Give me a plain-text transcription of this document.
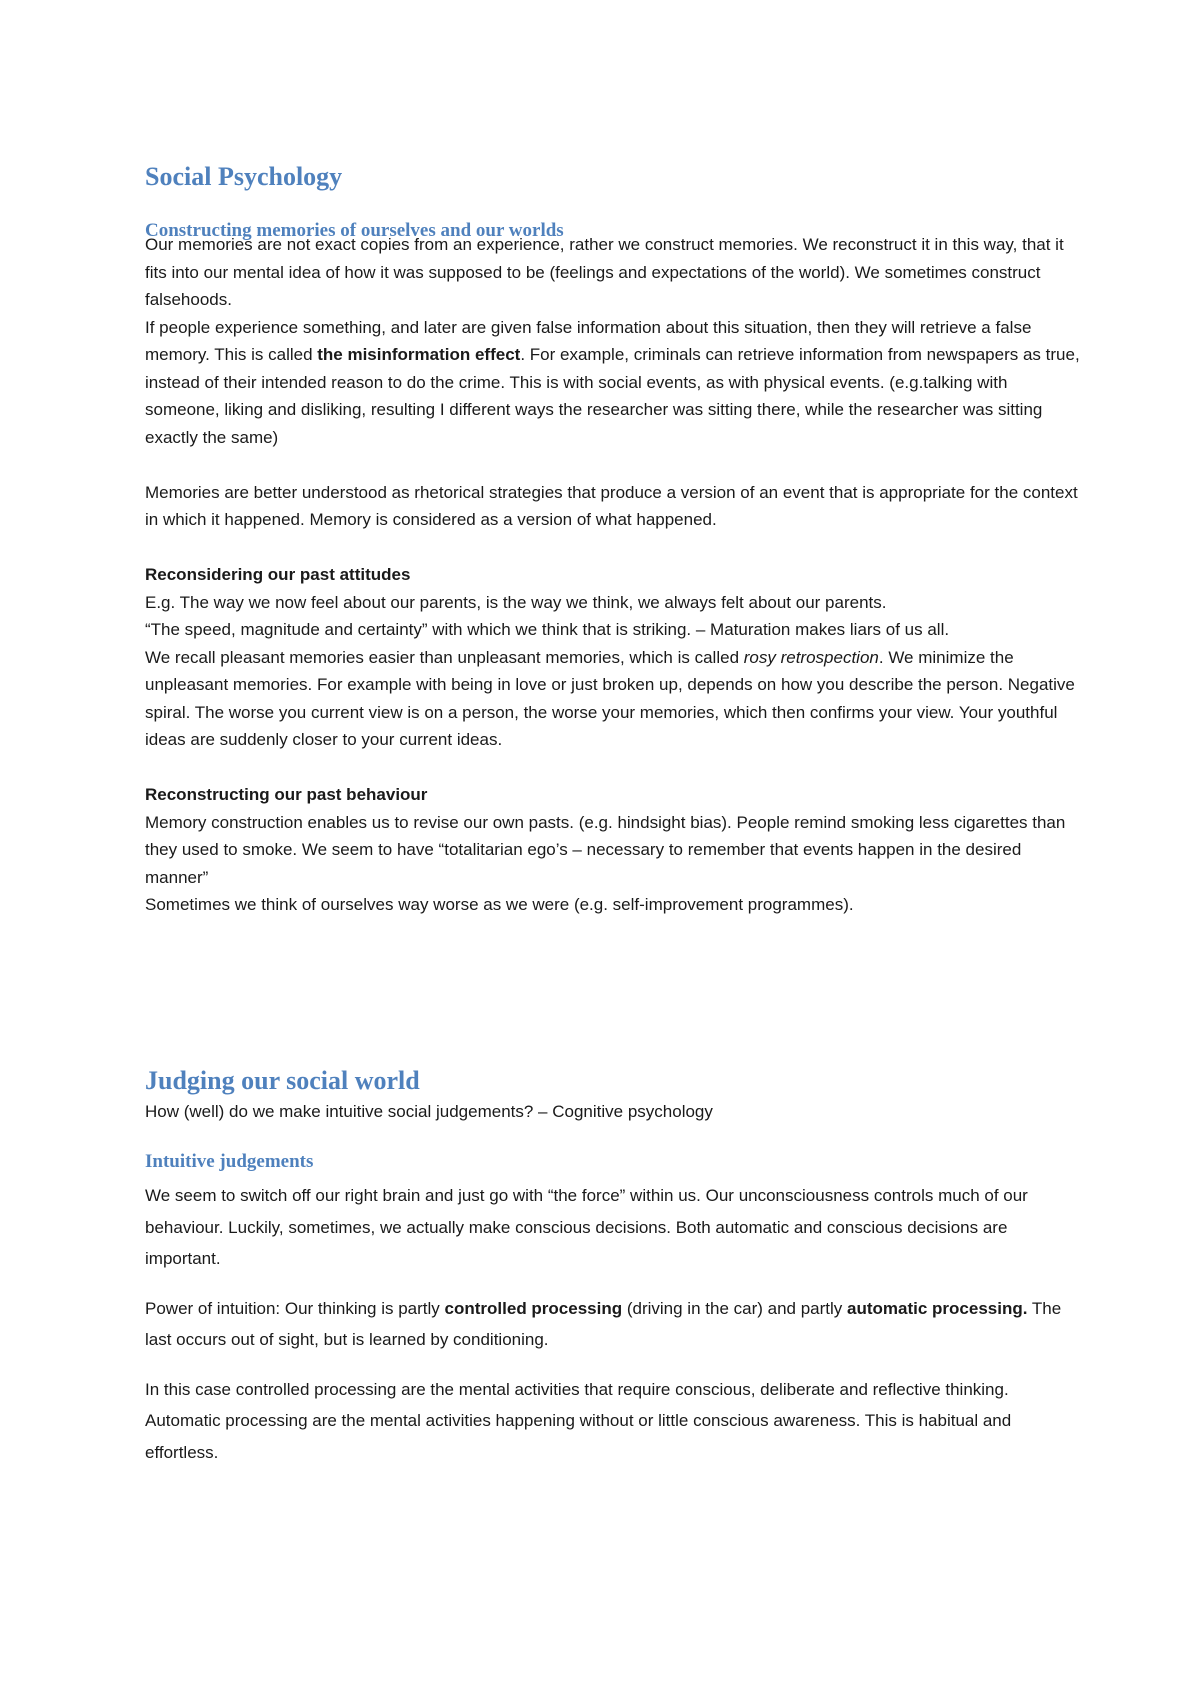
Social Psychology
Constructing memories of ourselves and our worlds

Our memories are not exact copies from an experience, rather we construct memories. We reconstruct it in this way, that it fits into our mental idea of how it was supposed to be (feelings and expectations of the world). We sometimes construct falsehoods.

If people experience something, and later are given false information about this situation, then they will retrieve a false memory. This is called the misinformation effect. For example, criminals can retrieve information from newspapers as true, instead of their intended reason to do the crime. This is with social events, as with physical events. (e.g.talking with someone, liking and disliking, resulting I different ways the researcher was sitting there, while the researcher was sitting exactly the same)

Memories are better understood as rhetorical strategies that produce a version of an event that is appropriate for the context in which it happened. Memory is considered as a version of what happened.

Reconsidering our past attitudes

E.g. The way we now feel about our parents, is the way we think, we always felt about our parents.

“The speed, magnitude and certainty” with which we think that is striking. – Maturation makes liars of us all.

We recall pleasant memories easier than unpleasant memories, which is called rosy retrospection. We minimize the unpleasant memories. For example with being in love or just broken up, depends on how you describe the person. Negative spiral. The worse you current view is on a person, the worse your memories, which then confirms your view. Your youthful ideas are suddenly closer to your current ideas.

Reconstructing our past behaviour

Memory construction enables us to revise our own pasts. (e.g. hindsight bias). People remind smoking less cigarettes than they used to smoke. We seem to have “totalitarian ego’s – necessary to remember that events happen in the desired manner”

Sometimes we think of ourselves way worse as we were (e.g. self-improvement programmes).

Judging our social world
How (well) do we make intuitive social judgements? – Cognitive psychology
Intuitive judgements

We seem to switch off our right brain and just go with “the force” within us. Our unconsciousness controls much of our behaviour. Luckily, sometimes, we actually make conscious decisions. Both automatic and conscious decisions are important.

Power of intuition: Our thinking is partly controlled processing (driving in the car) and partly automatic processing. The last occurs out of sight, but is learned by conditioning.

In this case controlled processing are the mental activities that require conscious, deliberate and reflective thinking. Automatic processing are the mental activities happening without or little conscious awareness. This is habitual and effortless.
